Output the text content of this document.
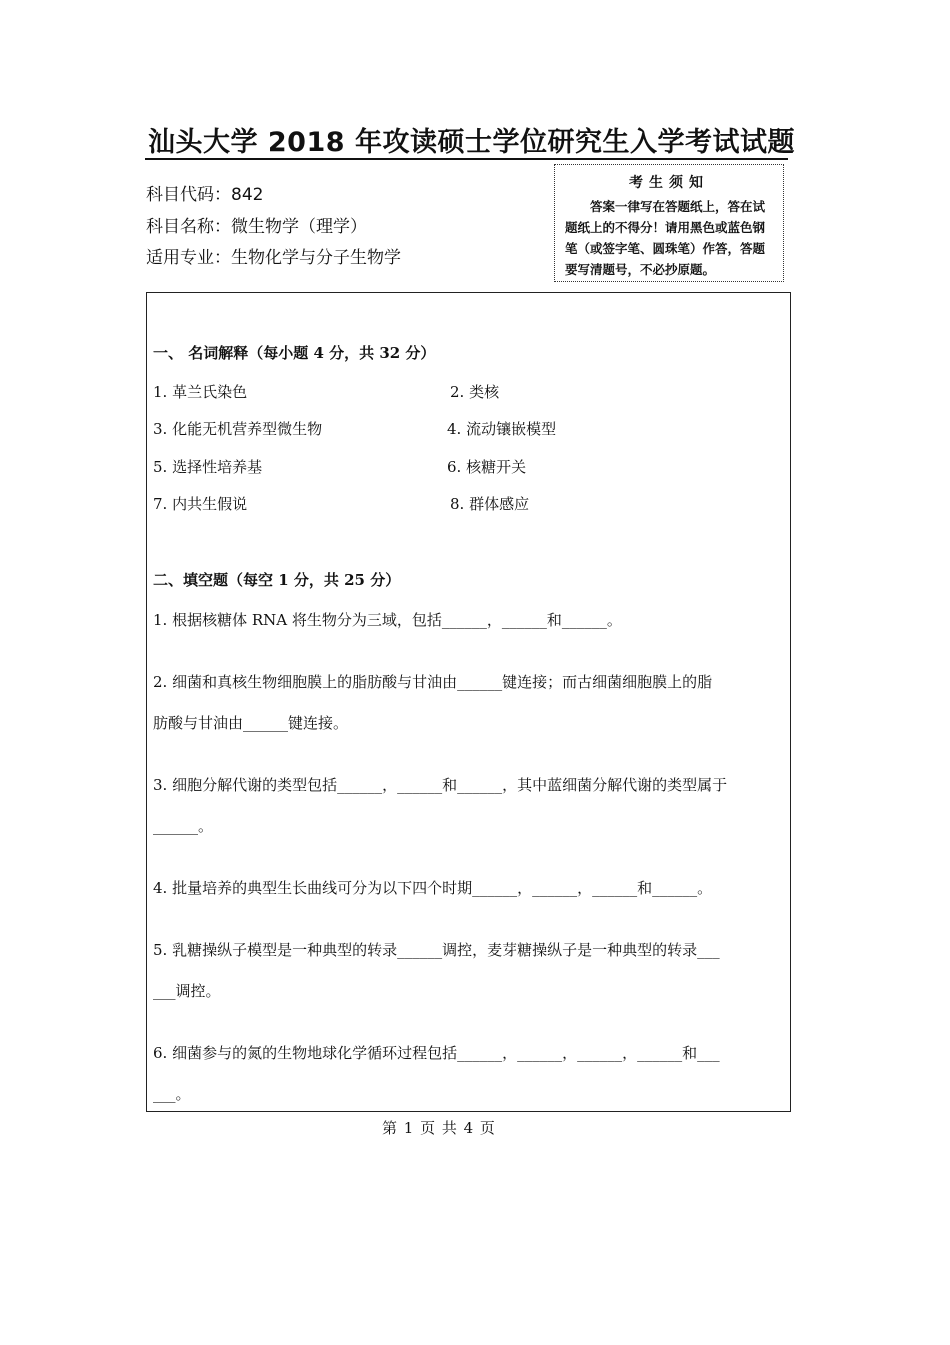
汕头大学 2018 年攻读硕士学位研究生入学考试试题
科目代码：842
科目名称：微生物学（理学）
适用专业：生物化学与分子生物学
考生须知
答案一律写在答题纸上，答在试题纸上的不得分！请用黑色或蓝色钢笔（或签字笔、圆珠笔）作答，答题要写清题号，不必抄原题。
一、 名词解释（每小题 4 分，共 32 分）
1. 革兰氏染色	2. 类核
3. 化能无机营养型微生物	4. 流动镶嵌模型
5. 选择性培养基	6. 核糖开关
7. 内共生假说	8. 群体感应
二、填空题（每空 1 分，共 25 分）
1. 根据核糖体 RNA 将生物分为三域，包括______，______和______。
2. 细菌和真核生物细胞膜上的脂肪酸与甘油由______键连接；而古细菌细胞膜上的脂
肪酸与甘油由______键连接。
3. 细胞分解代谢的类型包括______，______和______，其中蓝细菌分解代谢的类型属于
______。
4. 批量培养的典型生长曲线可分为以下四个时期______，______，______和______。
5. 乳糖操纵子模型是一种典型的转录______调控，麦芽糖操纵子是一种典型的转录___
___调控。
6. 细菌参与的氮的生物地球化学循环过程包括______，______，______，______和___
___。
第 1 页 共 4 页
